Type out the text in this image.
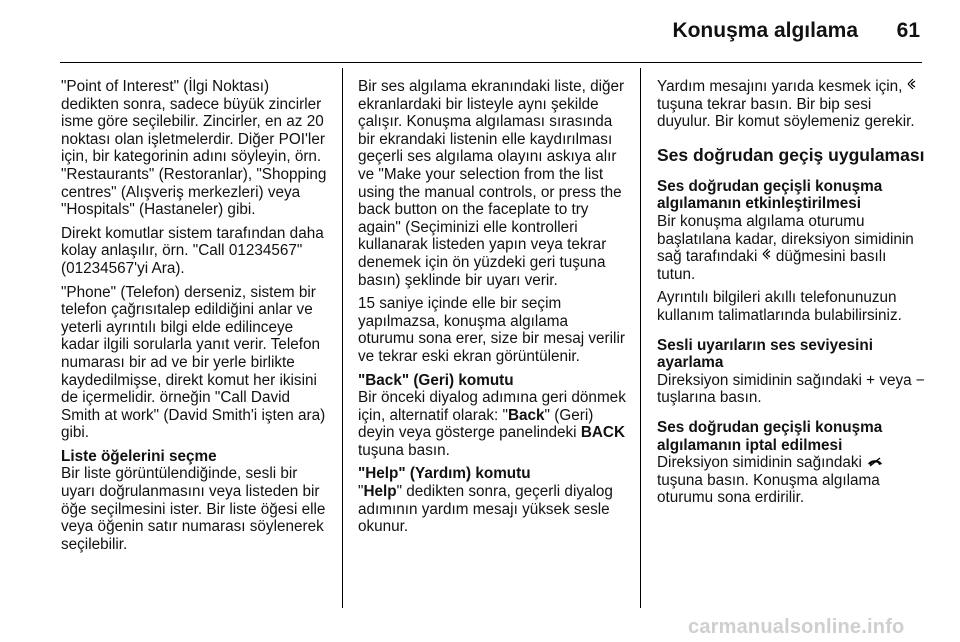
Konuşma algılama 61

"Point of Interest" (İlgi Noktası) dedikten sonra, sadece büyük zincirler isme göre seçilebilir. Zincirler, en az 20 noktası olan işletmelerdir. Diğer POI'ler için, bir kategorinin adını söyleyin, örn. "Restaurants" (Restoranlar), "Shopping centres" (Alışveriş merkezleri) veya "Hospitals" (Hastaneler) gibi.

Direkt komutlar sistem tarafından daha kolay anlaşılır, örn. "Call 01234567" (01234567'yi Ara).

"Phone" (Telefon) derseniz, sistem bir telefon çağrısıtalep edildiğini anlar ve yeterli ayrıntılı bilgi elde edilinceye kadar ilgili sorularla yanıt verir. Telefon numarası bir ad ve bir yerle birlikte kaydedilmişse, direkt komut her ikisini de içermelidir. örneğin "Call David Smith at work" (David Smith'i işten ara) gibi.

Liste öğelerini seçme

Bir liste görüntülendiğinde, sesli bir uyarı doğrulanmasını veya listeden bir öğe seçilmesini ister. Bir liste öğesi elle veya öğenin satır numarası söylenerek seçilebilir.

Bir ses algılama ekranındaki liste, diğer ekranlardaki bir listeyle aynı şekilde çalışır. Konuşma algılaması sırasında bir ekrandaki listenin elle kaydırılması geçerli ses algılama olayını askıya alır ve "Make your selection from the list using the manual controls, or press the back button on the faceplate to try again" (Seçiminizi elle kontrolleri kullanarak listeden yapın veya tekrar denemek için ön yüzdeki geri tuşuna basın) şeklinde bir uyarı verir.

15 saniye içinde elle bir seçim yapılmazsa, konuşma algılama oturumu sona erer, size bir mesaj verilir ve tekrar eski ekran görüntülenir.

"Back" (Geri) komutu

Bir önceki diyalog adımına geri dönmek için, alternatif olarak: "Back" (Geri) deyin veya gösterge panelindeki BACK tuşuna basın.

"Help" (Yardım) komutu

"Help" dedikten sonra, geçerli diyalog adımının yardım mesajı yüksek sesle okunur.

Yardım mesajını yarıda kesmek için,  tuşuna tekrar basın. Bir bip sesi duyulur. Bir komut söylemeniz gerekir.

Ses doğrudan geçiş uygulaması
Ses doğrudan geçişli konuşma algılamanın etkinleştirilmesi

Bir konuşma algılama oturumu başlatılana kadar, direksiyon simidinin sağ tarafındaki  düğmesini basılı tutun.

Ayrıntılı bilgileri akıllı telefonunuzun kullanım talimatlarında bulabilirsiniz.

Sesli uyarıların ses seviyesini ayarlama

Direksiyon simidinin sağındaki + veya − tuşlarına basın.

Ses doğrudan geçişli konuşma algılamanın iptal edilmesi

Direksiyon simidinin sağındaki  tuşuna basın. Konuşma algılama oturumu sona erdirilir.

carmanualsonline.info
